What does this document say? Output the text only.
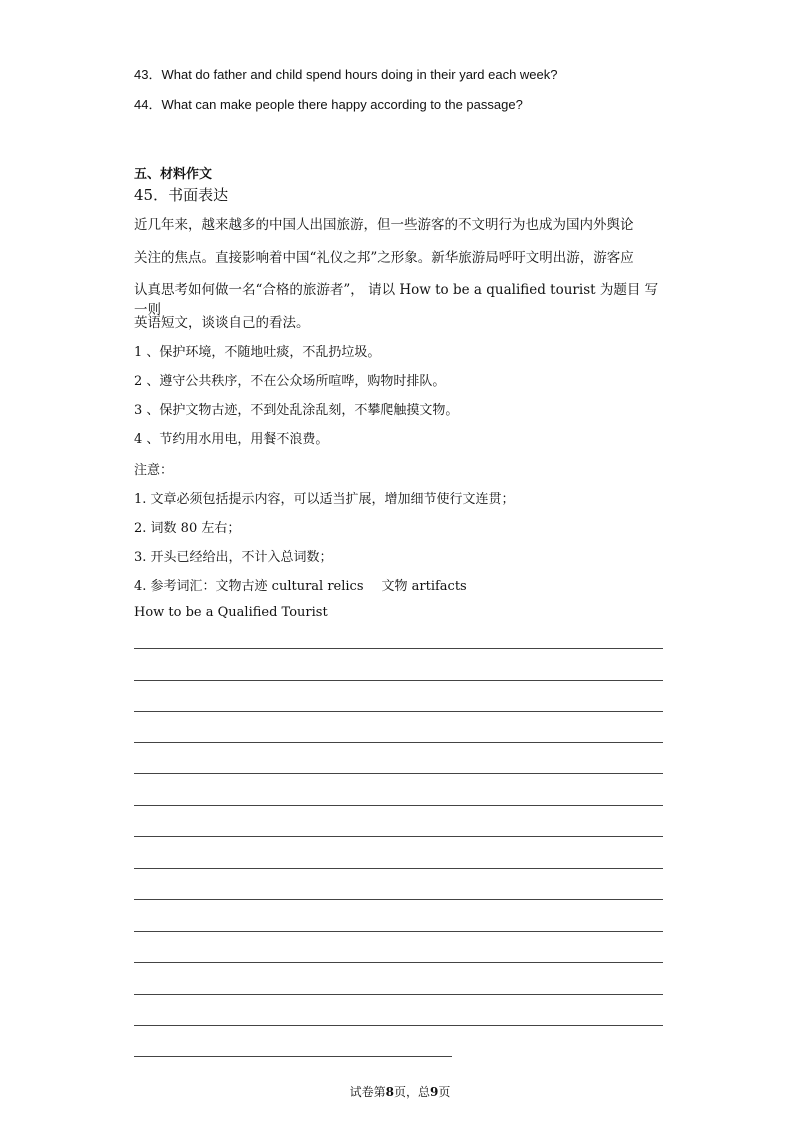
43．What do father and child spend hours doing in their yard each week?
44．What can make people there happy according to the passage?
五、材料作文
45．书面表达
近几年来，越来越多的中国人出国旅游，但一些游客的不文明行为也成为国内外舆论
关注的焦点。直接影响着中国“礼仪之邦”之形象。新华旅游局呼吁文明出游，游客应
认真思考如何做一名“合格的旅游者”， 请以 How to be a qualified tourist 为题目 写一则
英语短文，谈谈自己的看法。
1 、保护环境，不随地吐痰，不乱扔垃圾。
2 、遵守公共秩序，不在公众场所喧哗，购物时排队。
3 、保护文物古迹，不到处乱涂乱刻，不攀爬触摸文物。
4 、节约用水用电，用餐不浪费。
注意：
1. 文章必须包括提示内容，可以适当扩展，增加细节使行文连贯；
2. 词数 80 左右；
3. 开头已经给出，不计入总词数；
4. 参考词汇：文物古迹 cultural relics 文物 artifacts
How to be a Qualified Tourist
试卷第8页，总9页
